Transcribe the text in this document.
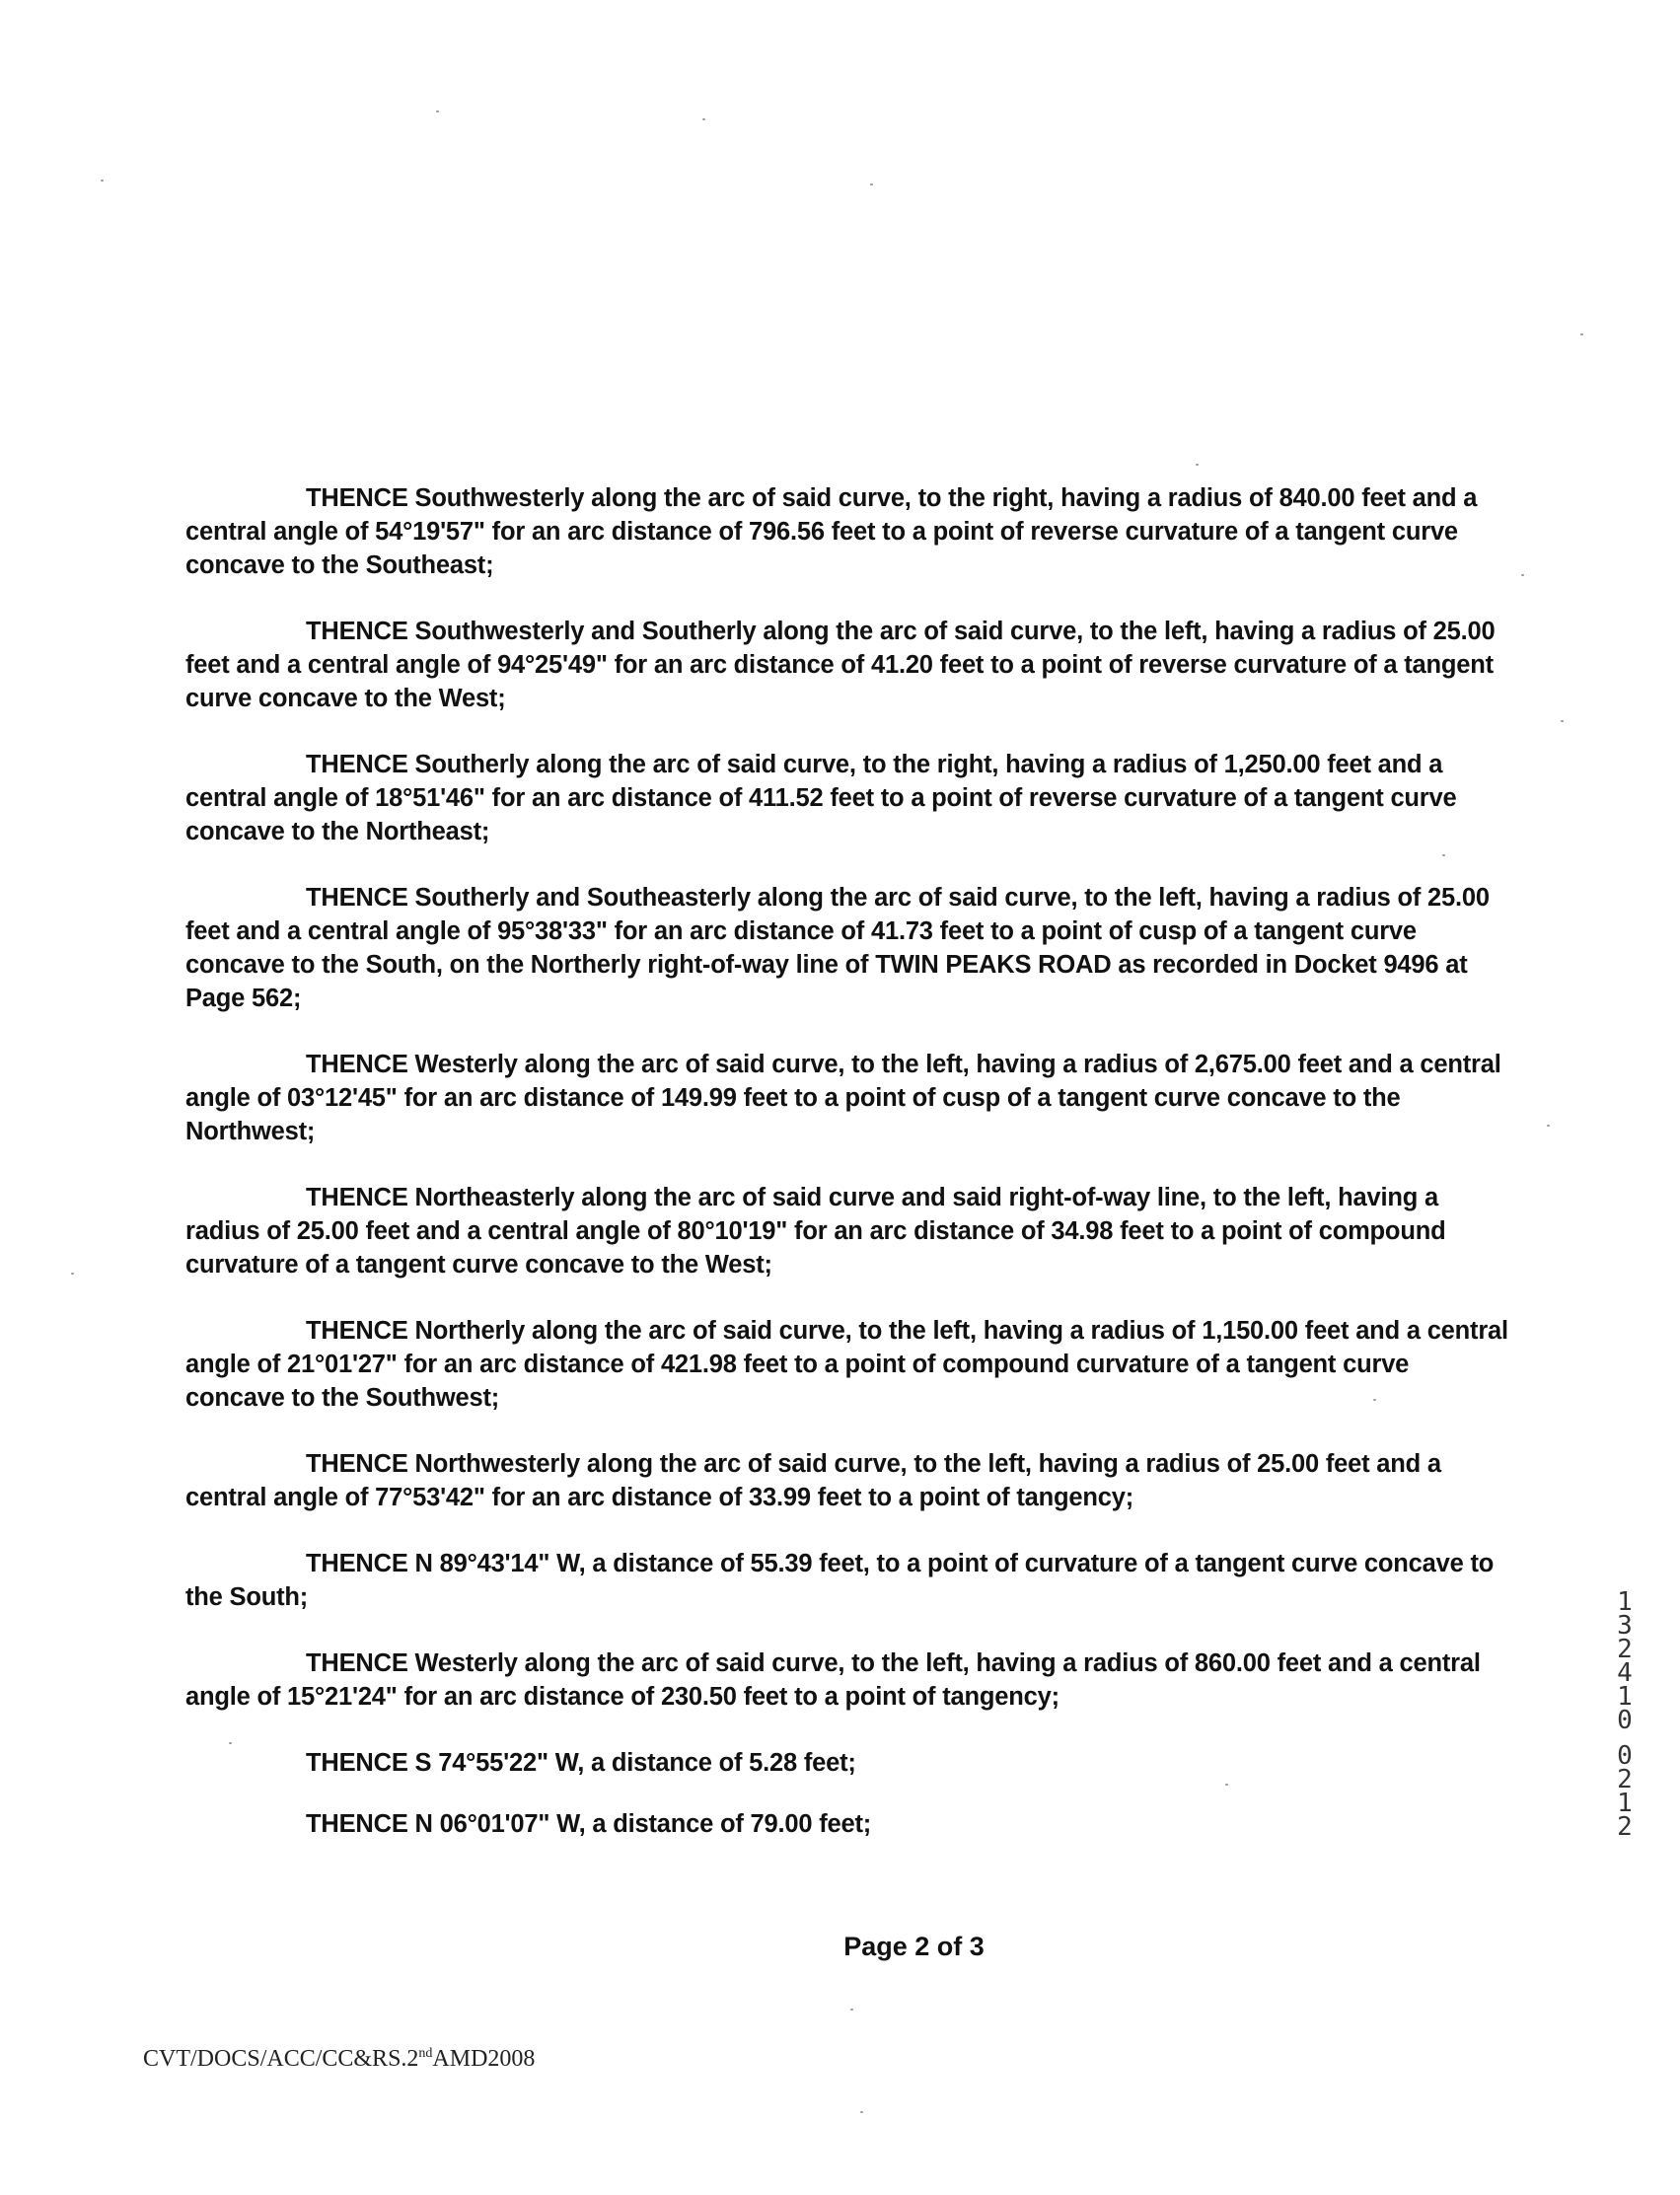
THENCE Southwesterly along the arc of said curve, to the right, having a radius of 840.00 feet and a central angle of 54°19'57" for an arc distance of 796.56 feet to a point of reverse curvature of a tangent curve concave to the Southeast;

THENCE Southwesterly and Southerly along the arc of said curve, to the left, having a radius of 25.00 feet and a central angle of 94°25'49" for an arc distance of 41.20 feet to a point of reverse curvature of a tangent curve concave to the West;

THENCE Southerly along the arc of said curve, to the right, having a radius of 1,250.00 feet and a central angle of 18°51'46" for an arc distance of 411.52 feet to a point of reverse curvature of a tangent curve concave to the Northeast;

THENCE Southerly and Southeasterly along the arc of said curve, to the left, having a radius of 25.00 feet and a central angle of 95°38'33" for an arc distance of 41.73 feet to a point of cusp of a tangent curve concave to the South, on the Northerly right-of-way line of TWIN PEAKS ROAD as recorded in Docket 9496 at Page 562;

THENCE Westerly along the arc of said curve, to the left, having a radius of 2,675.00 feet and a central angle of 03°12'45" for an arc distance of 149.99 feet to a point of cusp of a tangent curve concave to the Northwest;

THENCE Northeasterly along the arc of said curve and said right-of-way line, to the left, having a radius of 25.00 feet and a central angle of 80°10'19" for an arc distance of 34.98 feet to a point of compound curvature of a tangent curve concave to the West;

THENCE Northerly along the arc of said curve, to the left, having a radius of 1,150.00 feet and a central angle of 21°01'27" for an arc distance of 421.98 feet to a point of compound curvature of a tangent curve concave to the Southwest;

THENCE Northwesterly along the arc of said curve, to the left, having a radius of 25.00 feet and a central angle of 77°53'42" for an arc distance of 33.99 feet to a point of tangency;

THENCE N 89°43'14" W, a distance of 55.39 feet, to a point of curvature of a tangent curve concave to the South;

THENCE Westerly along the arc of said curve, to the left, having a radius of 860.00 feet and a central angle of 15°21'24" for an arc distance of 230.50 feet to a point of tangency;

THENCE S 74°55'22" W, a distance of 5.28 feet;

THENCE N 06°01'07" W, a distance of 79.00 feet;

1
3
2
4
1
0
0
2
1
2
Page 2 of 3
CVT/DOCS/ACC/CC&RS.2ndAMD2008
